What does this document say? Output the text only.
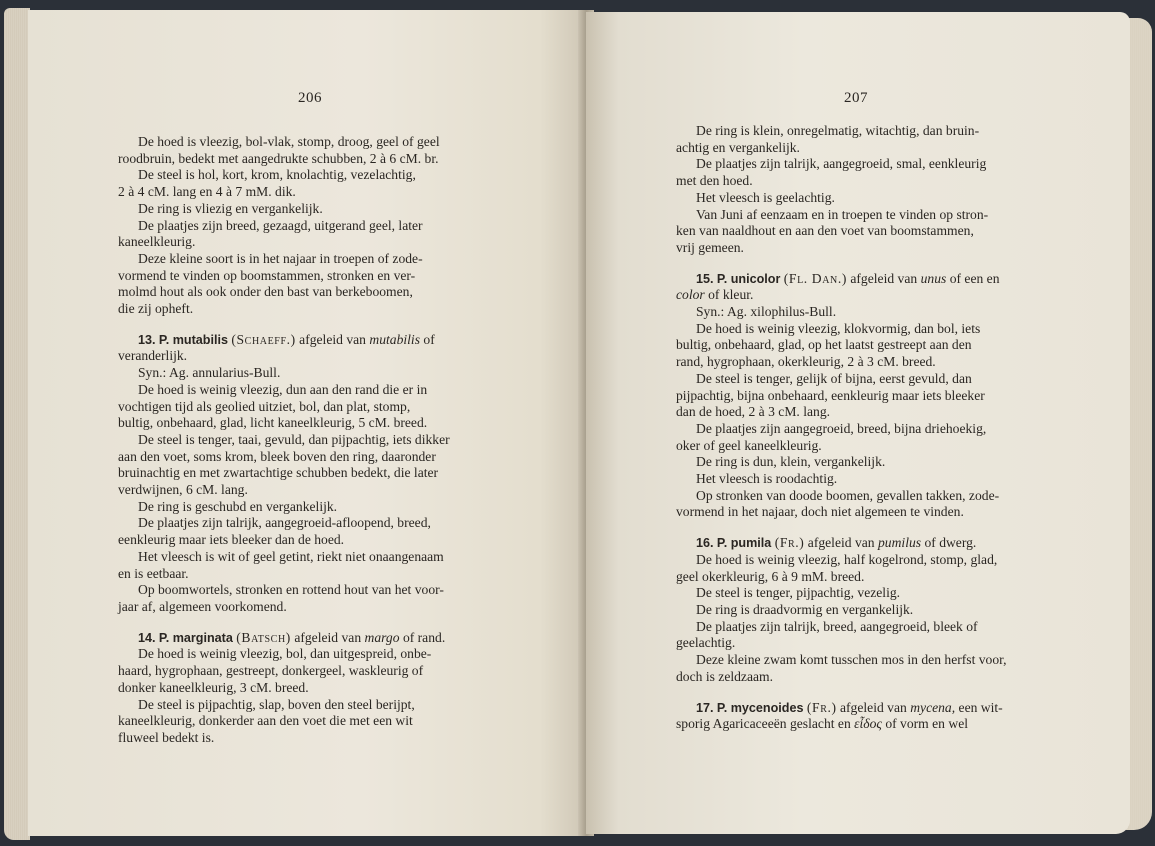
206

De hoed is vleezig, bol-vlak, stomp, droog, geel of geel

roodbruin, bedekt met aangedrukte schubben, 2 à 6 cM. br.

De steel is hol, kort, krom, knolachtig, vezelachtig,

2 à 4 cM. lang en 4 à 7 mM. dik.

De ring is vliezig en vergankelijk.

De plaatjes zijn breed, gezaagd, uitgerand geel, later

kaneelkleurig.

Deze kleine soort is in het najaar in troepen of zode-

vormend te vinden op boomstammen, stronken en ver-

molmd hout als ook onder den bast van berkeboomen,

die zij opheft.

13. P. mutabilis (Schaeff.) afgeleid van mutabilis of

veranderlijk.

Syn.: Ag. annularius-Bull.

De hoed is weinig vleezig, dun aan den rand die er in

vochtigen tijd als geolied uitziet, bol, dan plat, stomp,

bultig, onbehaard, glad, licht kaneelkleurig, 5 cM. breed.

De steel is tenger, taai, gevuld, dan pijpachtig, iets dikker

aan den voet, soms krom, bleek boven den ring, daaronder

bruinachtig en met zwartachtige schubben bedekt, die later

verdwijnen, 6 cM. lang.

De ring is geschubd en vergankelijk.

De plaatjes zijn talrijk, aangegroeid-afloopend, breed,

eenkleurig maar iets bleeker dan de hoed.

Het vleesch is wit of geel getint, riekt niet onaangenaam

en is eetbaar.

Op boomwortels, stronken en rottend hout van het voor-

jaar af, algemeen voorkomend.

14. P. marginata (Batsch) afgeleid van margo of rand.

De hoed is weinig vleezig, bol, dan uitgespreid, onbe-

haard, hygrophaan, gestreept, donkergeel, waskleurig of

donker kaneelkleurig, 3 cM. breed.

De steel is pijpachtig, slap, boven den steel berijpt,

kaneelkleurig, donkerder aan den voet die met een wit

fluweel bedekt is.

207

De ring is klein, onregelmatig, witachtig, dan bruin-

achtig en vergankelijk.

De plaatjes zijn talrijk, aangegroeid, smal, eenkleurig

met den hoed.

Het vleesch is geelachtig.

Van Juni af eenzaam en in troepen te vinden op stron-

ken van naaldhout en aan den voet van boomstammen,

vrij gemeen.

15. P. unicolor (Fl. Dan.) afgeleid van unus of een en

color of kleur.

Syn.: Ag. xilophilus-Bull.

De hoed is weinig vleezig, klokvormig, dan bol, iets

bultig, onbehaard, glad, op het laatst gestreept aan den

rand, hygrophaan, okerkleurig, 2 à 3 cM. breed.

De steel is tenger, gelijk of bijna, eerst gevuld, dan

pijpachtig, bijna onbehaard, eenkleurig maar iets bleeker

dan de hoed, 2 à 3 cM. lang.

De plaatjes zijn aangegroeid, breed, bijna driehoekig,

oker of geel kaneelkleurig.

De ring is dun, klein, vergankelijk.

Het vleesch is roodachtig.

Op stronken van doode boomen, gevallen takken, zode-

vormend in het najaar, doch niet algemeen te vinden.

16. P. pumila (Fr.) afgeleid van pumilus of dwerg.

De hoed is weinig vleezig, half kogelrond, stomp, glad,

geel okerkleurig, 6 à 9 mM. breed.

De steel is tenger, pijpachtig, vezelig.

De ring is draadvormig en vergankelijk.

De plaatjes zijn talrijk, breed, aangegroeid, bleek of

geelachtig.

Deze kleine zwam komt tusschen mos in den herfst voor,

doch is zeldzaam.

17. P. mycenoides (Fr.) afgeleid van mycena, een wit-

sporig Agaricaceeën geslacht en εἶδος of vorm en wel
